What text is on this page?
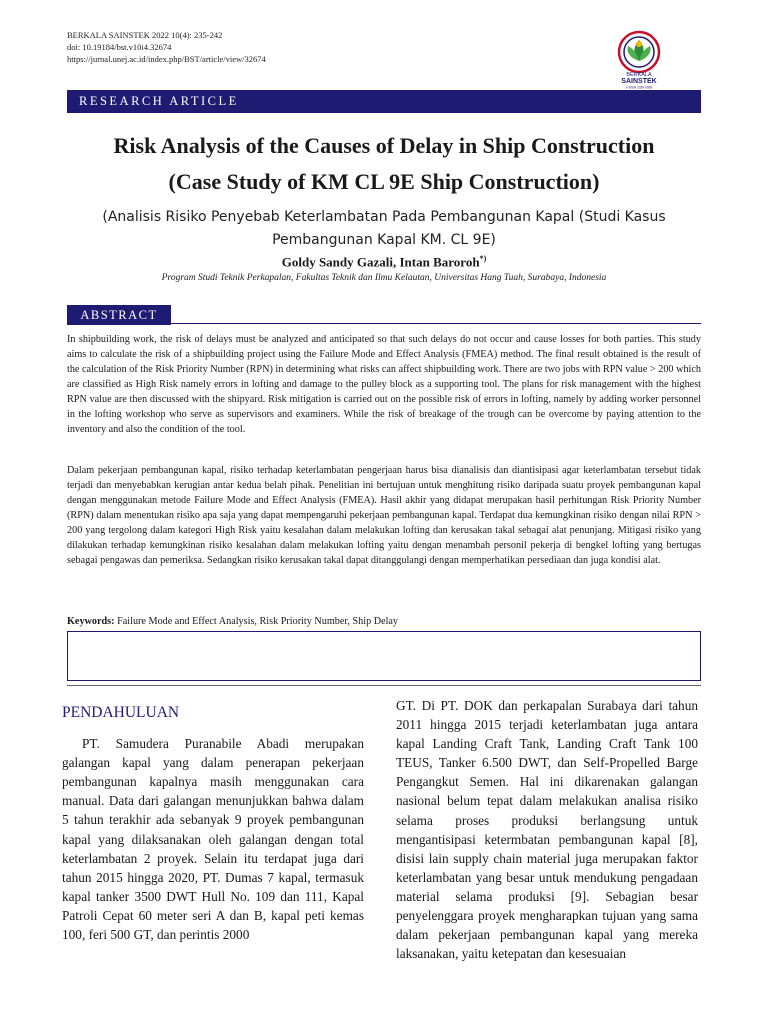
BERKALA SAINSTEK 2022 10(4): 235-242
doi: 10.19184/bst.v10i4.32674
https://jurnal.unej.ac.id/index.php/BST/article/view/32674
BERKALA
SAINSTEK
e-ISSN 2339-0069
RESEARCH ARTICLE
Risk Analysis of the Causes of Delay in Ship Construction
(Case Study of KM CL 9E Ship Construction)
(Analisis Risiko Penyebab Keterlambatan Pada Pembangunan Kapal (Studi Kasus
Pembangunan Kapal KM. CL 9E)
Goldy Sandy Gazali, Intan Baroroh*)
Program Studi Teknik Perkapalan, Fakultas Teknik dan Ilmu Kelautan, Universitas Hang Tuah, Surabaya, Indonesia
ABSTRACT
In shipbuilding work, the risk of delays must be analyzed and anticipated so that such delays do not occur and cause losses for both parties. This study aims to calculate the risk of a shipbuilding project using the Failure Mode and Effect Analysis (FMEA) method. The final result obtained is the result of the calculation of the Risk Priority Number (RPN) in determining what risks can affect shipbuilding work. There are two jobs with RPN value > 200 which are classified as High Risk namely errors in lofting and damage to the pulley block as a supporting tool. The plans for risk management with the highest RPN value are then discussed with the shipyard. Risk mitigation is carried out on the possible risk of errors in lofting, namely by adding worker personnel in the lofting workshop who serve as supervisors and examiners. While the risk of breakage of the trough can be overcome by paying attention to the inventory and also the condition of the tool.
Dalam pekerjaan pembangunan kapal, risiko terhadap keterlambatan pengerjaan harus bisa dianalisis dan diantisipasi agar keterlambatan tersebut tidak terjadi dan menyebabkan kerugian antar kedua belah pihak. Penelitian ini bertujuan untuk menghitung risiko daripada suatu proyek pembangunan kapal dengan menggunakan metode Failure Mode and Effect Analysis (FMEA). Hasil akhir yang didapat merupakan hasil perhitungan Risk Priority Number (RPN) dalam menentukan risiko apa saja yang dapat mempengaruhi pekerjaan pembangunan kapal. Terdapat dua kemungkinan risiko dengan nilai RPN > 200 yang tergolong dalam kategori High Risk yaitu kesalahan dalam melakukan lofting dan kerusakan takal sebagai alat penunjang. Mitigasi risiko yang dilakukan terhadap kemungkinan risiko kesalahan dalam melakukan lofting yaitu dengan menambah personil pekerja di bengkel lofting yang bertugas sebagai pengawas dan pemeriksa. Sedangkan risiko kerusakan takal dapat ditanggulangi dengan memperhatikan persediaan dan juga kondisi alat.
Keywords: Failure Mode and Effect Analysis, Risk Priority Number, Ship Delay
PENDAHULUAN
PT. Samudera Puranabile Abadi merupakan galangan kapal yang dalam penerapan pekerjaan pembangunan kapalnya masih menggunakan cara manual. Data dari galangan menunjukkan bahwa dalam 5 tahun terakhir ada sebanyak 9 proyek pembangunan kapal yang dilaksanakan oleh galangan dengan total keterlambatan 2 proyek. Selain itu terdapat juga dari tahun 2015 hingga 2020, PT. Dumas 7 kapal, termasuk kapal tanker 3500 DWT Hull No. 109 dan 111, Kapal Patroli Cepat 60 meter seri A dan B, kapal peti kemas 100, feri 500 GT, dan perintis 2000
GT. Di PT. DOK dan perkapalan Surabaya dari tahun 2011 hingga 2015 terjadi keterlambatan juga antara kapal Landing Craft Tank, Landing Craft Tank 100 TEUS, Tanker 6.500 DWT, dan Self-Propelled Barge Pengangkut Semen. Hal ini dikarenakan galangan nasional belum tepat dalam melakukan analisa risiko selama proses produksi berlangsung untuk mengantisipasi ketermbatan pembangunan kapal [8], disisi lain supply chain material juga merupakan faktor keterlambatan yang besar untuk mendukung pengadaan material selama produksi [9]. Sebagian besar penyelenggara proyek mengharapkan tujuan yang sama dalam pekerjaan pembangunan kapal yang mereka laksanakan, yaitu ketepatan dan kesesuaian
